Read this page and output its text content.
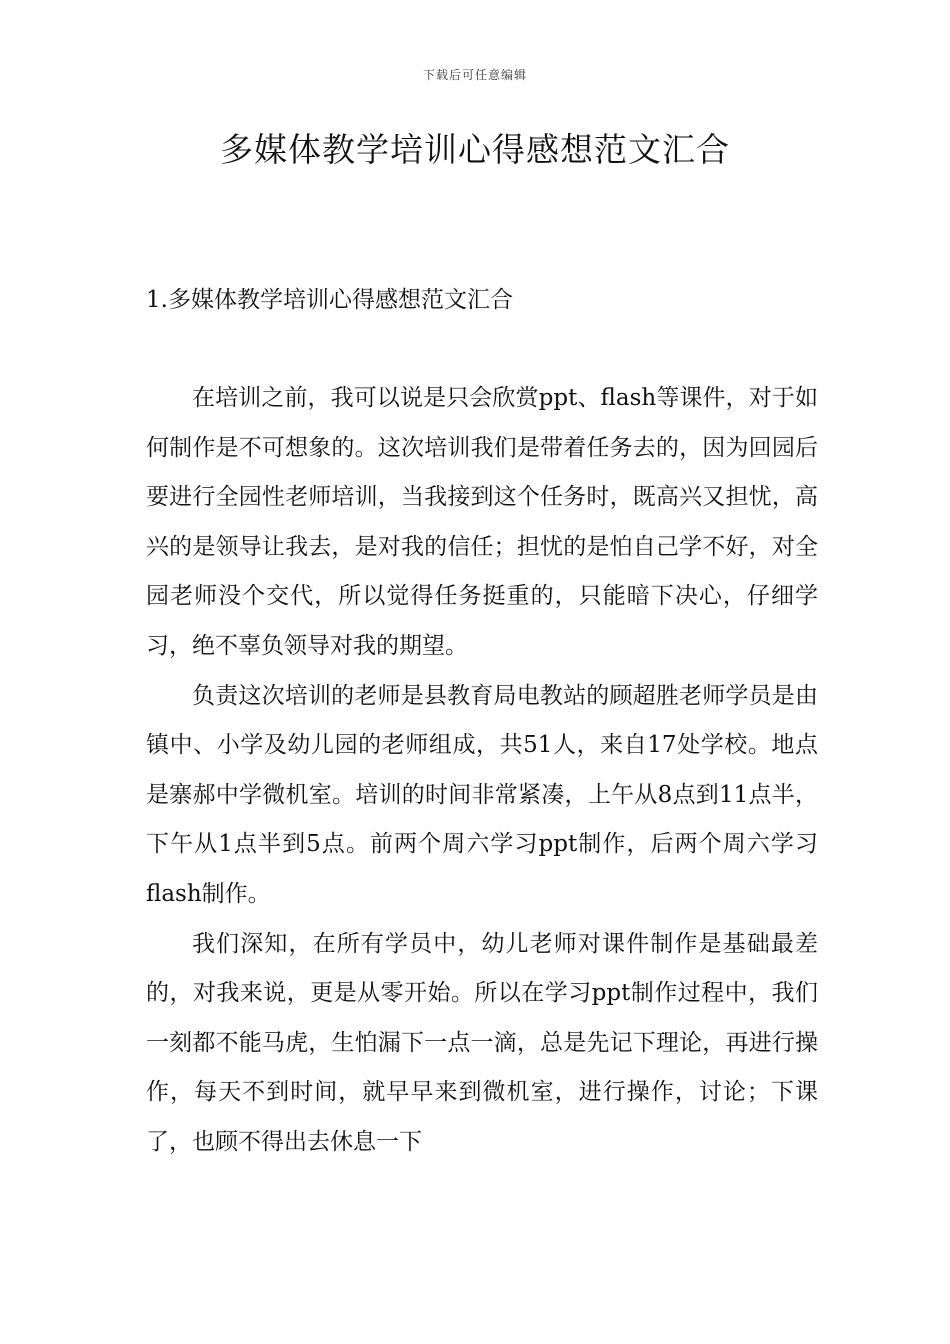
下载后可任意编辑
多媒体教学培训心得感想范文汇合
1.多媒体教学培训心得感想范文汇合

在培训之前，我可以说是只会欣赏ppt、flash等课件，对于如何制作是不可想象的。这次培训我们是带着任务去的，因为回园后要进行全园性老师培训，当我接到这个任务时，既高兴又担忧，高兴的是领导让我去，是对我的信任；担忧的是怕自己学不好，对全园老师没个交代，所以觉得任务挺重的，只能暗下决心，仔细学习，绝不辜负领导对我的期望。

负责这次培训的老师是县教育局电教站的顾超胜老师学员是由镇中、小学及幼儿园的老师组成，共51人，来自17处学校。地点是寨郝中学微机室。培训的时间非常紧凑，上午从8点到11点半，下午从1点半到5点。前两个周六学习ppt制作，后两个周六学习flash制作。

我们深知，在所有学员中，幼儿老师对课件制作是基础最差的，对我来说，更是从零开始。所以在学习ppt制作过程中，我们一刻都不能马虎，生怕漏下一点一滴，总是先记下理论，再进行操作，每天不到时间，就早早来到微机室，进行操作，讨论；下课了，也顾不得出去休息一下
